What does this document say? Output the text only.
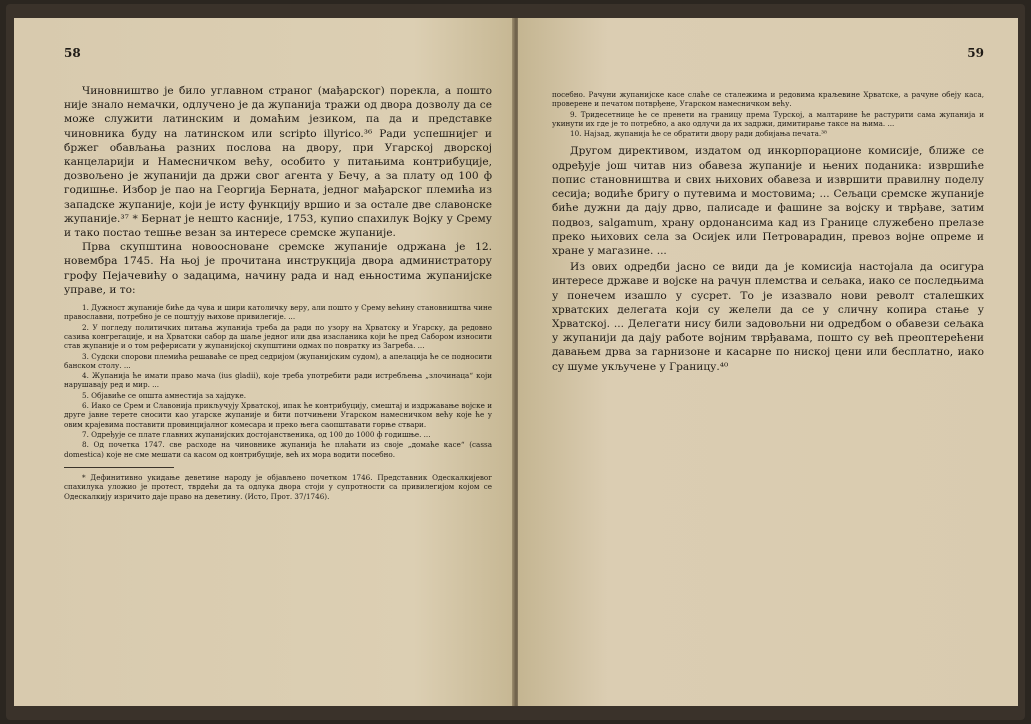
58

Чиновништво је било углавном страног (мађарског) порекла, а пошто није знало немачки, одлучено је да жупанија тражи од двора дозволу да се може служити латинским и домаћим језиком, па да и представке чиновника буду на латинском или scripto illyrico.³⁶ Ради успешнијег и бржег обављања разних послова на двору, при Угарској дворској канцеларији и Намесничком већу, особито у питањима контрибуције, дозвољено је жупанији да држи свог агента у Бечу, а за плату од 100 ф годишње. Избор је пао на Георгија Берната, једног мађарског племића из западске жупаније, који је исту функцију вршио и за остале две славонске жупаније.³⁷ * Бернат је нешто касније, 1753, купио спахилук Војку у Срему и тако постао тешње везан за интересе сремске жупаније.

Прва скупштина новоосноване сремске жупаније одржана је 12. новембра 1745. На њој је прочитана инструкција двора администратору грофу Пејачевићу о задацима, начину рада и над ењностима жупанијске управе, и то:

1. Дужност жупаније биће да чува и шири католичку веру, али пошто у Срему већину становништва чине православни, потребно је се поштују њихове привилегије. ...

2. У погледу политичких питања жупанија треба да ради по узору на Хрватску и Угарску, да редовно сазива конгрегације, и на Хрватски сабор да шаље једног или два изасланика који ће пред Сабором износити став жупаније и о том реферисати у жупанијској скупштини одмах по повратку из Загреба. ...

3. Судски спорови племића решаваће се пред седријом (жупанијским судом), а апелација ће се подносити банском столу. ...

4. Жупанија ће имати право мача (ius gladii), које треба употребити ради истребљења „злочинаца“ који нарушавају ред и мир. ...

5. Објавиће се општа амнестија за хајдуке.

6. Иако се Срем и Славонија прикључују Хрватској, ипак ће контрибуцију, смештај и издржавање војске и друге јавне терете сносити као угарске жупаније и бити потчињени Угарском намесничком већу које ће у овим крајевима поставити провинцијалног комесара и преко њега саопштавати горње ствари.

7. Одређује се плате главних жупанијских достојанственика, од 100 до 1000 ф годишње. ...

8. Од почетка 1747. све расходе на чиновнике жупанија ће плаћати из своје „домаће касе“ (cassa domestica) које не сме мешати са касом од контрибуције, већ их мора водити посебно.

* Дефинитивно укидање деветине народу је објављено почетком 1746. Представник Одескалкијевог спахилука уложио је протест, тврдећи да та одлука двора стоји у супротности са привилегијом којом се Одескалкију изричито даје право на деветину. (Исто, Прот. 37/1746).

59

посебно. Рачуни жупанијске касе слаће се сталежима и редовима краљевине Хрватске, а рачуне обеју каса, проверене и печатом потврђене, Угарском намесничком већу.

9. Тридесетнице ће се пренети на границу према Турској, а малтарине ће растурити сама жупанија и укинути их где је то потребно, а ако одлучи да их задржи, димитирање таксе на њима. ...

10. Најзад, жупанија ће се обратити двору ради добијања печата.³⁸

Другом директивом, издатом од инкорпорационе комисије, ближе се одређује још читав низ обавеза жупаније и њених поданика: извршиће попис становништва и свих њихових обавеза и извршити правилну поделу сесија; водиће бригу о путевима и мостовима; ... Сељаци сремске жупаније биће дужни да дају дрво, палисаде и фашине за војску и тврђаве, затим подвоз, salgamum, храну ордонансима кад из Границе служебено прелазе преко њихових села за Осијек или Петроварадин, превоз војне опреме и хране у магазине. ...

Из ових одредби јасно се види да је комисија настојала да осигура интересе државе и војске на рачун племства и сељака, иако се последњима у понечем изашло у сусрет. То је изазвало нови револт сталешких хрватских делегата који су желели да се у сличну копира стање у Хрватској. ... Делегати нису били задовољни ни одредбом о обавези сељака у жупанији да дају работе војним тврђавама, пошто су већ преоптерећени давањем дрва за гарнизоне и касарне по ниској цени или бесплатно, иако су шуме укључене у Границу.⁴⁰
